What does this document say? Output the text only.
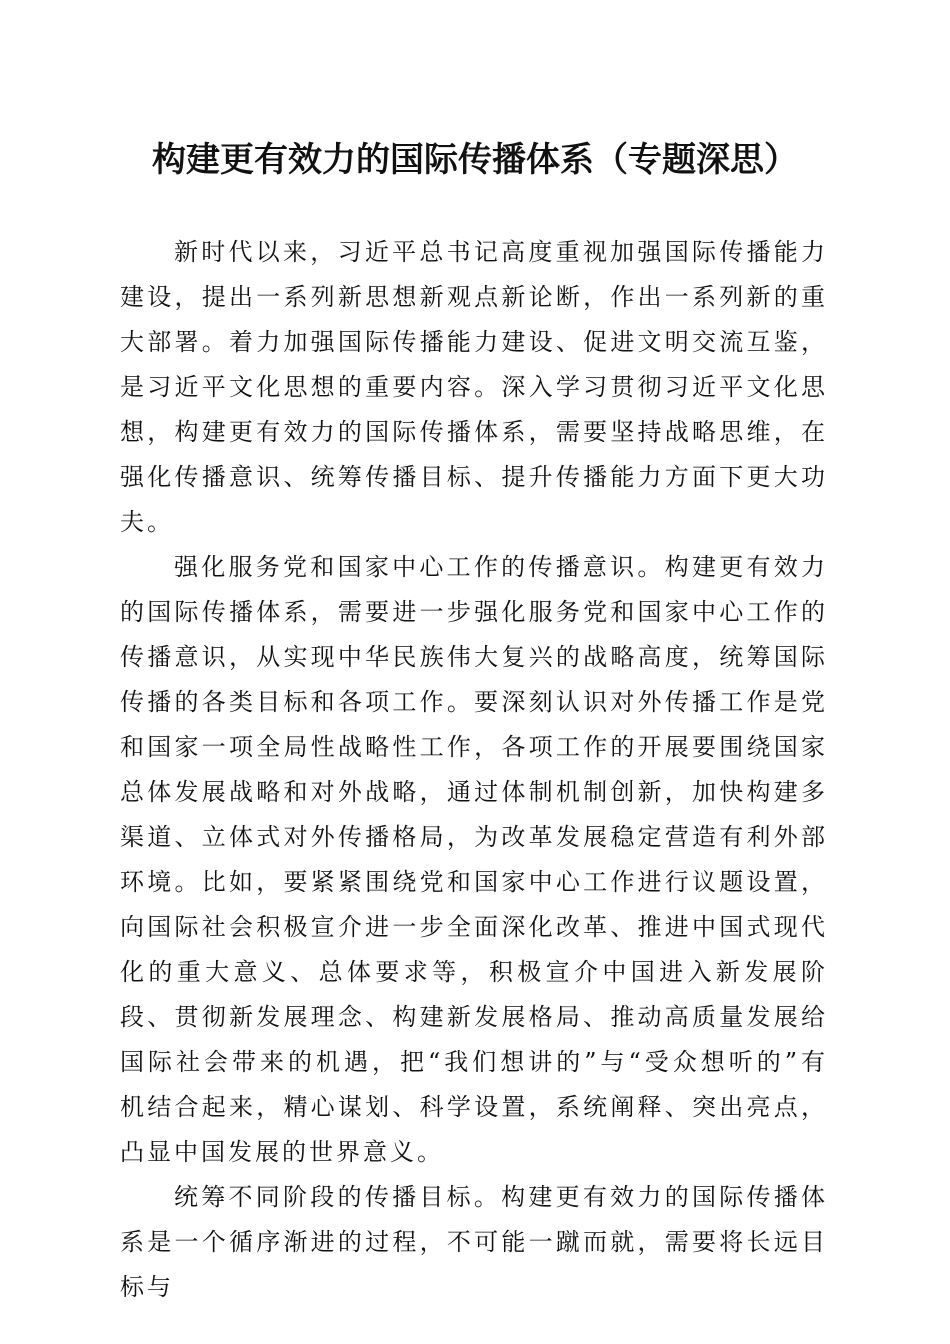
构建更有效力的国际传播体系（专题深思）

新时代以来，习近平总书记高度重视加强国际传播能力建设，提出一系列新思想新观点新论断，作出一系列新的重大部署。着力加强国际传播能力建设、促进文明交流互鉴，是习近平文化思想的重要内容。深入学习贯彻习近平文化思想，构建更有效力的国际传播体系，需要坚持战略思维，在强化传播意识、统筹传播目标、提升传播能力方面下更大功夫。

强化服务党和国家中心工作的传播意识。构建更有效力的国际传播体系，需要进一步强化服务党和国家中心工作的传播意识，从实现中华民族伟大复兴的战略高度，统筹国际传播的各类目标和各项工作。要深刻认识对外传播工作是党和国家一项全局性战略性工作，各项工作的开展要围绕国家总体发展战略和对外战略，通过体制机制创新，加快构建多渠道、立体式对外传播格局，为改革发展稳定营造有利外部环境。比如，要紧紧围绕党和国家中心工作进行议题设置，向国际社会积极宣介进一步全面深化改革、推进中国式现代化的重大意义、总体要求等，积极宣介中国进入新发展阶段、贯彻新发展理念、构建新发展格局、推动高质量发展给国际社会带来的机遇，把“我们想讲的”与“受众想听的”有机结合起来，精心谋划、科学设置，系统阐释、突出亮点，凸显中国发展的世界意义。

统筹不同阶段的传播目标。构建更有效力的国际传播体系是一个循序渐进的过程，不可能一蹴而就，需要将长远目标与
